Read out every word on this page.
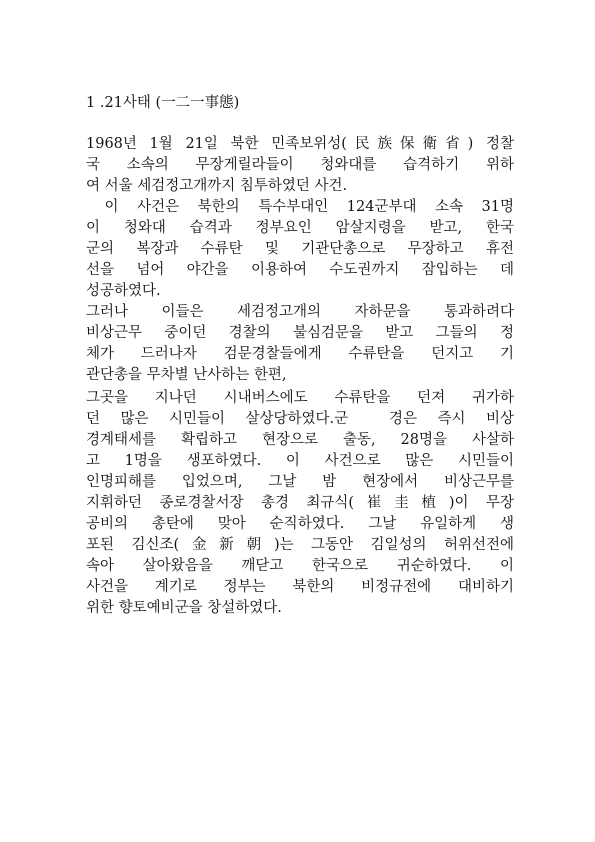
1 .21사태 (一二一事態)
1968년 1월 21일 북한 민족보위성(民族保衛省) 정찰
국 소속의 무장게릴라들이 청와대를 습격하기 위하
여 서울 세검정고개까지 침투하였던 사건.
이 사건은 북한의 특수부대인 124군부대 소속 31명
이 청와대 습격과 정부요인 암살지령을 받고, 한국
군의 복장과 수류탄 및 기관단총으로 무장하고 휴전
선을 넘어 야간을 이용하여 수도권까지 잠입하는 데
성공하였다.
그러나 이들은 세검정고개의 자하문을 통과하려다
비상근무 중이던 경찰의 불심검문을 받고 그들의 정
체가 드러나자 검문경찰들에게 수류탄을 던지고 기
관단총을 무차별 난사하는 한편,
그곳을 지나던 시내버스에도 수류탄을 던져 귀가하
던 많은 시민들이 살상당하였다.군  경은 즉시 비상
경계태세를 확립하고 현장으로 출동, 28명을 사살하
고 1명을 생포하였다. 이 사건으로 많은 시민들이
인명피해를 입었으며, 그날 밤 현장에서 비상근무를
지휘하던 종로경찰서장 총경 최규식(崔圭植)이 무장
공비의 총탄에 맞아 순직하였다. 그날 유일하게 생
포된 김신조(金新朝)는 그동안 김일성의 허위선전에
속아 살아왔음을 깨닫고 한국으로 귀순하였다. 이
사건을 계기로 정부는 북한의 비정규전에 대비하기
위한 향토예비군을 창설하였다.
